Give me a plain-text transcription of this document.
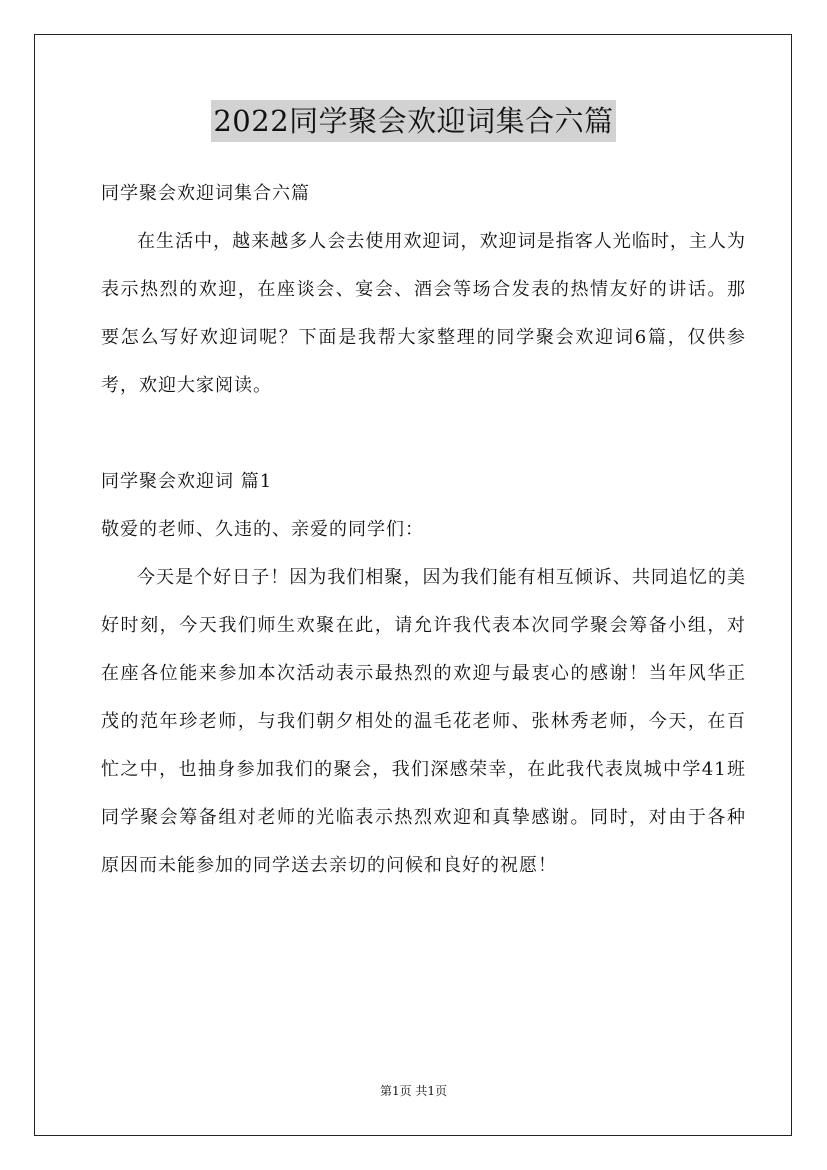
2022同学聚会欢迎词集合六篇

同学聚会欢迎词集合六篇

在生活中，越来越多人会去使用欢迎词，欢迎词是指客人光临时，主人为表示热烈的欢迎，在座谈会、宴会、酒会等场合发表的热情友好的讲话。那要怎么写好欢迎词呢？下面是我帮大家整理的同学聚会欢迎词6篇，仅供参考，欢迎大家阅读。

同学聚会欢迎词 篇1

敬爱的老师、久违的、亲爱的同学们：

今天是个好日子！因为我们相聚，因为我们能有相互倾诉、共同追忆的美好时刻，今天我们师生欢聚在此，请允许我代表本次同学聚会筹备小组，对在座各位能来参加本次活动表示最热烈的欢迎与最衷心的感谢！当年风华正茂的范年珍老师，与我们朝夕相处的温毛花老师、张林秀老师，今天，在百忙之中，也抽身参加我们的聚会，我们深感荣幸，在此我代表岚城中学41班同学聚会筹备组对老师的光临表示热烈欢迎和真挚感谢。同时，对由于各种原因而未能参加的同学送去亲切的问候和良好的祝愿！

第1页 共1页
